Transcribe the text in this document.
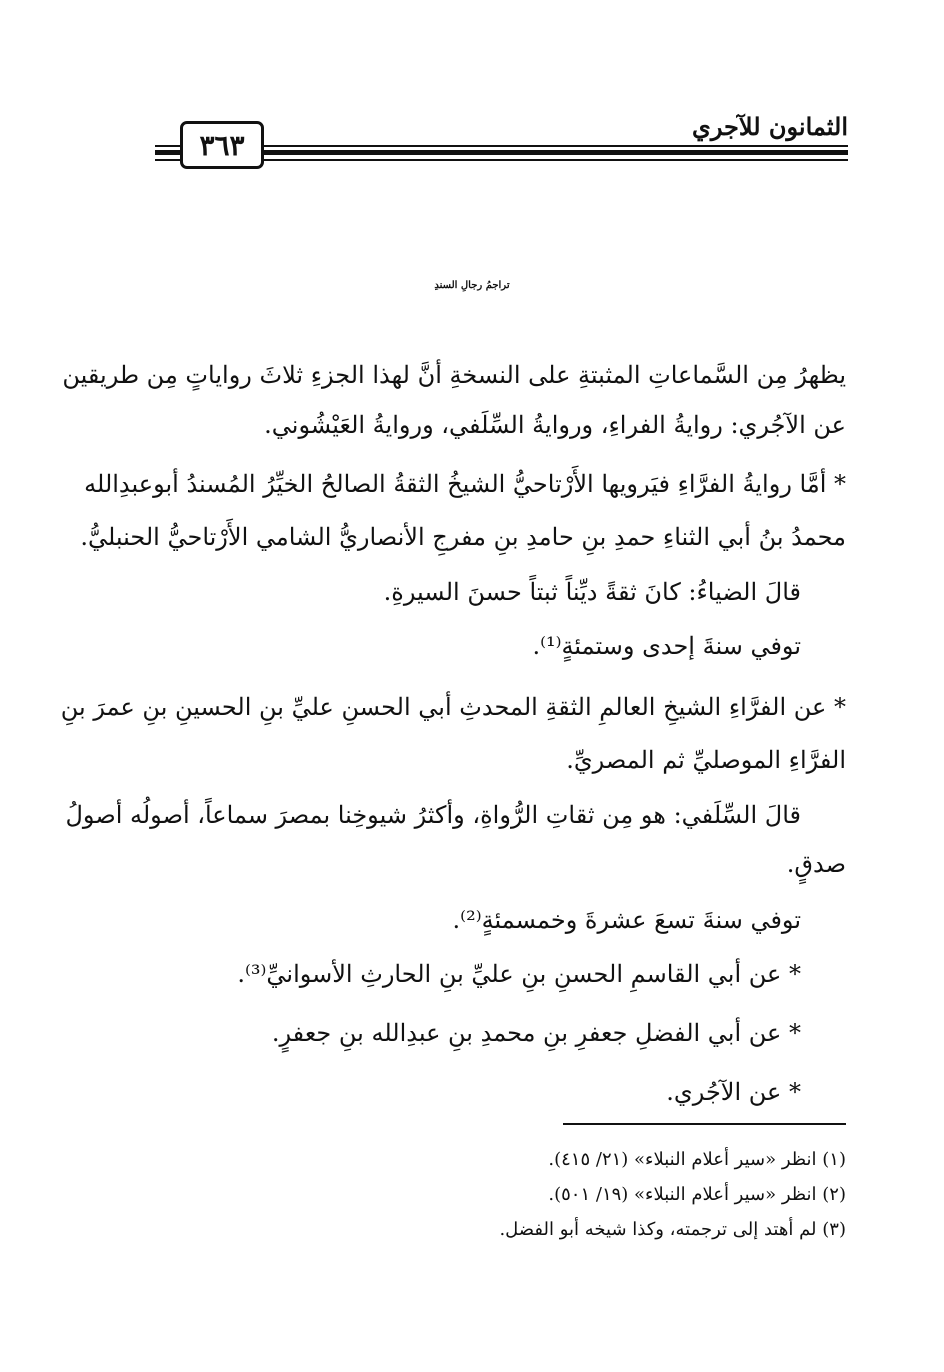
الثمانون للآجري
٣٦٣
تراجمُ رجالِ السندِ
يظهرُ مِن السَّماعاتِ المثبتةِ على النسخةِ أنَّ لهذا الجزءِ ثلاثَ رواياتٍ مِن طريقين
عن الآجُري: روايةُ الفراءِ، وروايةُ السِّلَفي، وروايةُ العَيْشُوني.
* أمَّا روايةُ الفرَّاءِ فيَرويها الأَرْتاحيُّ الشيخُ الثقةُ الصالحُ الخيِّرُ المُسندُ أبوعبدِالله
محمدُ بنُ أبي الثناءِ حمدِ بنِ حامدِ بنِ مفرجِ الأنصاريُّ الشامي الأَرْتاحيُّ الحنبليُّ.
قالَ الضياءُ: كانَ ثقةً ديِّناً ثبتاً حسنَ السيرةِ.
توفي سنةَ إحدى وستمئةٍ⁽¹⁾.
* عن الفرَّاءِ الشيخِ العالمِ الثقةِ المحدثِ أبي الحسنِ عليِّ بنِ الحسينِ بنِ عمرَ بنِ
الفرَّاءِ الموصليِّ ثم المصريِّ.
قالَ السِّلَفي: هو مِن ثقاتِ الرُّواةِ، وأكثرُ شيوخِنا بمصرَ سماعاً، أصولُه أصولُ
صدقٍ.
توفي سنةَ تسعَ عشرةَ وخمسمئةٍ⁽²⁾.
* عن أبي القاسمِ الحسنِ بنِ عليِّ بنِ الحارثِ الأسوانيِّ⁽³⁾.
* عن أبي الفضلِ جعفرِ بنِ محمدِ بنِ عبدِالله بنِ جعفرٍ.
* عن الآجُري.
(١) انظر «سير أعلام النبلاء» (٢١/ ٤١٥).
(٢) انظر «سير أعلام النبلاء» (١٩/ ٥٠١).
(٣) لم أهتد إلى ترجمته، وكذا شيخه أبو الفضل.
